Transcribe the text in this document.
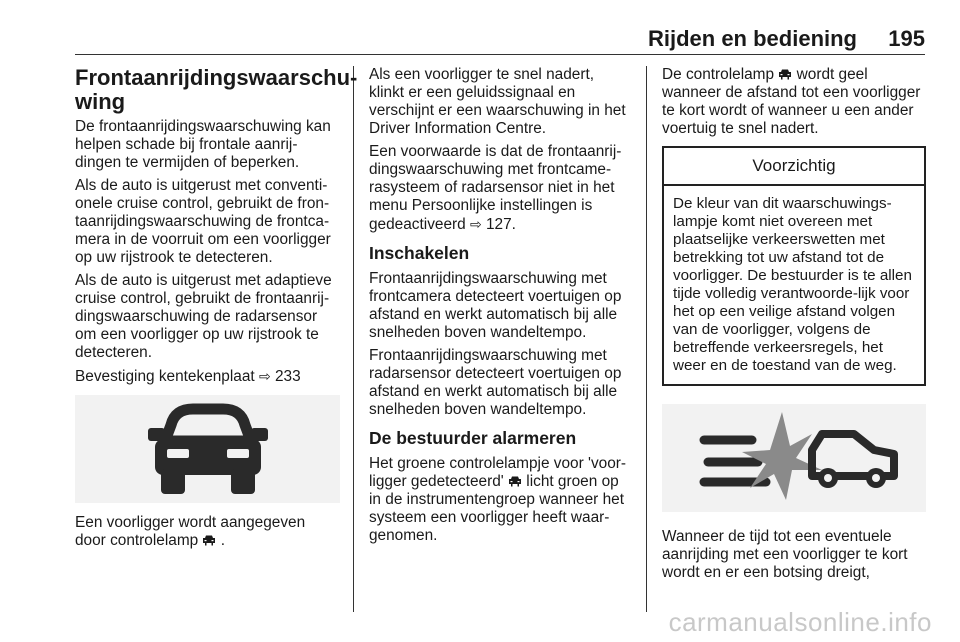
Rijden en bediening 195
Frontaanrijdingswaarschu-
wing

De frontaanrijdingswaarschuwing kan helpen schade bij frontale aanrij-dingen te vermijden of beperken.

Als de auto is uitgerust met conventi-onele cruise control, gebruikt de fron-taanrijdingswaarschuwing de frontca-mera in de voorruit om een voorligger op uw rijstrook te detecteren.

Als de auto is uitgerust met adaptieve cruise control, gebruikt de frontaanrij-dingswaarschuwing de radarsensor om een voorligger op uw rijstrook te detecteren.

Bevestiging kentekenplaat ⇨ 233

Een voorligger wordt aangegeven door controlelamp .

Als een voorligger te snel nadert, klinkt er een geluidssignaal en verschijnt er een waarschuwing in het Driver Information Centre.

Een voorwaarde is dat de frontaanrij-dingswaarschuwing met frontcame-rasysteem of radarsensor niet in het menu Persoonlijke instellingen is gedeactiveerd ⇨ 127.

Inschakelen

Frontaanrijdingswaarschuwing met frontcamera detecteert voertuigen op afstand en werkt automatisch bij alle snelheden boven wandeltempo.

Frontaanrijdingswaarschuwing met radarsensor detecteert voertuigen op afstand en werkt automatisch bij alle snelheden boven wandeltempo.

De bestuurder alarmeren

Het groene controlelampje voor 'voor-ligger gedetecteerd' licht groen op in de instrumentengroep wanneer het systeem een voorligger heeft waar-genomen.

De controlelamp wordt geel wanneer de afstand tot een voorligger te kort wordt of wanneer u een ander voertuig te snel nadert.

Voorzichtig
De kleur van dit waarschuwings-lampje komt niet overeen met plaatselijke verkeerswetten met betrekking tot uw afstand tot de voorligger. De bestuurder is te allen tijde volledig verantwoorde-lijk voor het op een veilige afstand volgen van de voorligger, volgens de betreffende verkeersregels, het weer en de toestand van de weg.

Wanneer de tijd tot een eventuele aanrijding met een voorligger te kort wordt en er een botsing dreigt,

carmanualsonline.info
